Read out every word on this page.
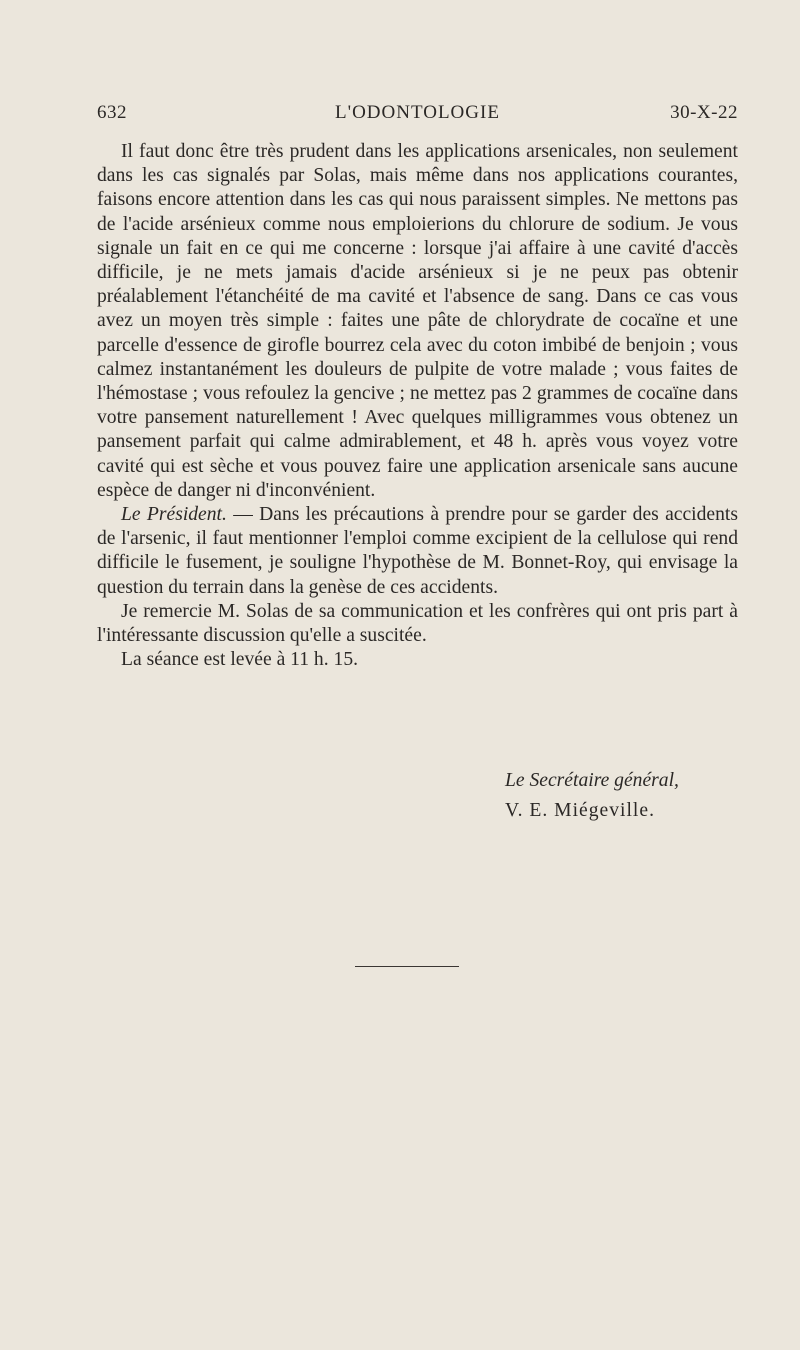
632	L'ODONTOLOGIE	30-X-22

Il faut donc être très prudent dans les applications arsenicales, non seulement dans les cas signalés par Solas, mais même dans nos applications courantes, faisons encore attention dans les cas qui nous paraissent simples. Ne mettons pas de l'acide arsénieux comme nous emploierions du chlorure de sodium. Je vous signale un fait en ce qui me concerne : lorsque j'ai affaire à une cavité d'accès difficile, je ne mets jamais d'acide arsénieux si je ne peux pas obtenir préalablement l'étanchéité de ma cavité et l'absence de sang. Dans ce cas vous avez un moyen très simple : faites une pâte de chlorydrate de cocaïne et une parcelle d'essence de girofle bourrez cela avec du coton imbibé de benjoin ; vous calmez instantanément les douleurs de pulpite de votre malade ; vous faites de l'hémostase ; vous refoulez la gencive ; ne mettez pas 2 grammes de cocaïne dans votre pansement naturellement ! Avec quelques milligrammes vous obtenez un pansement parfait qui calme admirablement, et 48 h. après vous voyez votre cavité qui est sèche et vous pouvez faire une application arsenicale sans aucune espèce de danger ni d'inconvénient.

Le Président. — Dans les précautions à prendre pour se garder des accidents de l'arsenic, il faut mentionner l'emploi comme excipient de la cellulose qui rend difficile le fusement, je souligne l'hypothèse de M. Bonnet-Roy, qui envisage la question du terrain dans la genèse de ces accidents.

Je remercie M. Solas de sa communication et les confrères qui ont pris part à l'intéressante discussion qu'elle a suscitée.

La séance est levée à 11 h. 15.

Le Secrétaire général,
V. E. Miégeville.
